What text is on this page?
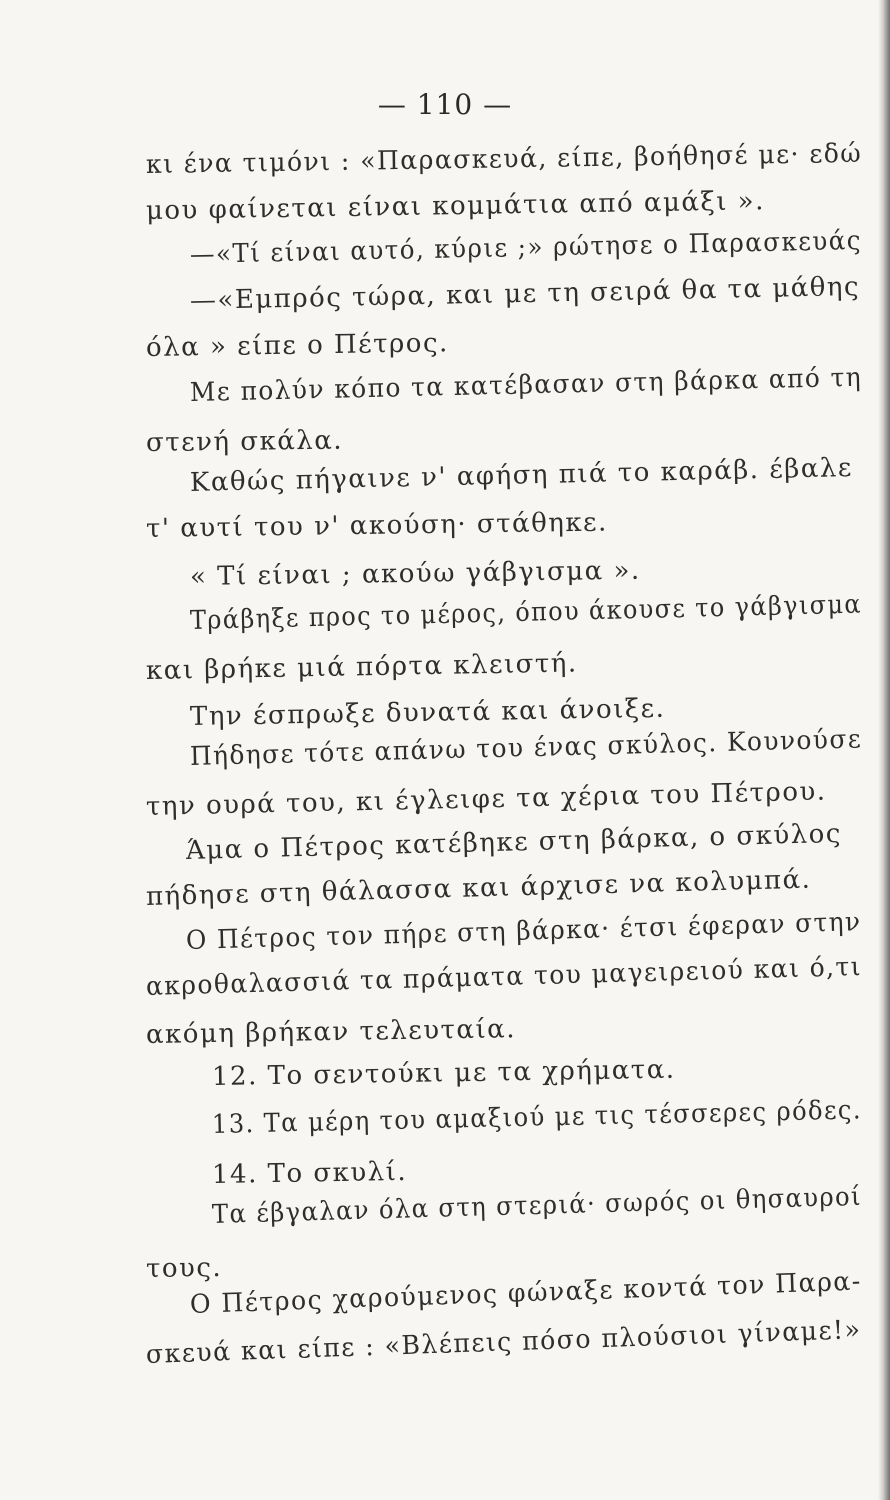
— 110 —
κι ένα τιμόνι : «Παρασκευά, είπε, βοήθησέ με· εδώ
μου φαίνεται είναι κομμάτια από αμάξι ».
—«Τί είναι αυτό, κύριε ;» ρώτησε ο Παρασκευάς
—«Εμπρός τώρα, και με τη σειρά θα τα μάθης
όλα » είπε ο Πέτρος.
Με πολύν κόπο τα κατέβασαν στη βάρκα από τη
στενή σκάλα.
Καθώς πήγαινε ν' αφήση πιά το καράβ. έβαλε
τ' αυτί του ν' ακούση· στάθηκε.
« Τί είναι ; ακούω γάβγισμα ».
Τράβηξε προς το μέρος, όπου άκουσε το γάβγισμα
και βρήκε μιά πόρτα κλειστή.
Την έσπρωξε δυνατά και άνοιξε.
Πήδησε τότε απάνω του ένας σκύλος. Κουνούσε
την ουρά του, κι έγλειφε τα χέρια του Πέτρου.
Άμα ο Πέτρος κατέβηκε στη βάρκα, ο σκύλος
πήδησε στη θάλασσα και άρχισε να κολυμπά.
Ο Πέτρος τον πήρε στη βάρκα· έτσι έφεραν στην
ακροθαλασσιά τα πράματα του μαγειρειού και ό,τι
ακόμη βρήκαν τελευταία.
12. Το σεντούκι με τα χρήματα.
13. Τα μέρη του αμαξιού με τις τέσσερες ρόδες.
14. Το σκυλί.
Τα έβγαλαν όλα στη στεριά· σωρός οι θησαυροί
τους.
Ο Πέτρος χαρούμενος φώναξε κοντά τον Παρα-
σκευά και είπε : «Βλέπεις πόσο πλούσιοι γίναμε!»
